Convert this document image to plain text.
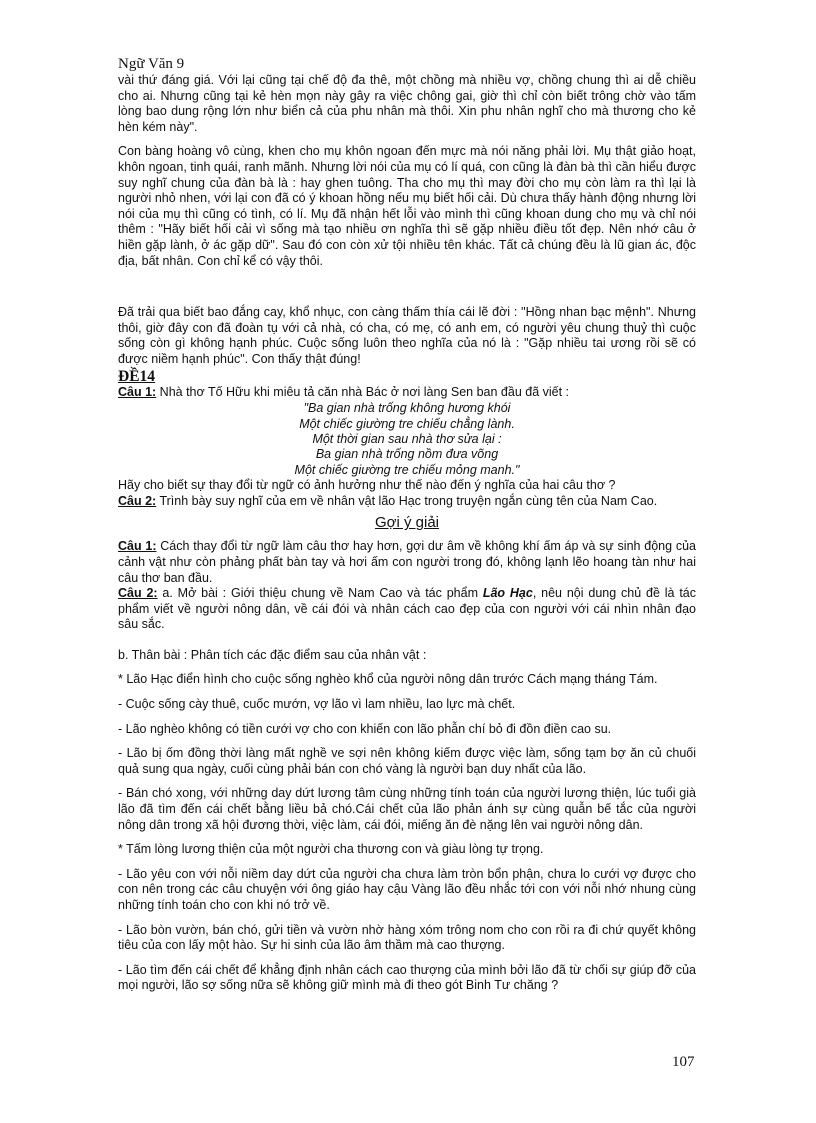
Ngữ Văn 9

vài thứ đáng giá. Với lại cũng tại chế độ đa thê, một chồng mà nhiều vợ, chồng chung thì ai dễ chiều cho ai. Nhưng cũng tại kẻ hèn mọn này gây ra việc chông gai, giờ thì chỉ còn biết trông chờ vào tấm lòng bao dung rộng lớn như biển cả của phu nhân mà thôi. Xin phu nhân nghĩ cho mà thương cho kẻ hèn kém này".

Con bàng hoàng vô cùng, khen cho mụ khôn ngoan đến mực mà nói năng phải lời. Mụ thật giảo hoạt, khôn ngoan, tinh quái, ranh mãnh. Nhưng lời nói của mụ có lí quá, con cũng là đàn bà thì cần hiểu được suy nghĩ chung của đàn bà là : hay ghen tuông. Tha cho mụ thì may đời cho mụ còn làm ra thì lại là người nhỏ nhen, với lại con đã có ý khoan hồng nếu mụ biết hối cải. Dù chưa thấy hành động nhưng lời nói của mụ thì cũng có tình, có lí. Mụ đã nhận hết lỗi vào mình thì cũng khoan dung cho mụ và chỉ nói thêm : "Hãy biết hối cải vì sống mà tạo nhiều ơn nghĩa thì sẽ gặp nhiều điều tốt đẹp. Nên nhớ câu ở hiền gặp lành, ở ác gặp dữ". Sau đó con còn xử tội nhiều tên khác. Tất cả chúng đều là lũ gian ác, độc địa, bất nhân. Con chỉ kể có vậy thôi.

Đã trải qua biết bao đắng cay, khổ nhục, con càng thấm thía cái lẽ đời : "Hồng nhan bạc mệnh". Nhưng thôi, giờ đây con đã đoàn tụ với cả nhà, có cha, có mẹ, có anh em, có người yêu chung thuỷ thì cuộc sống còn gì không hạnh phúc. Cuộc sống luôn theo nghĩa của nó là : "Gặp nhiều tai ương rồi sẽ có được niềm hạnh phúc". Con thấy thật đúng!

ĐỀ14

Câu 1: Nhà thơ Tố Hữu khi miêu tả căn nhà Bác ở nơi làng Sen ban đầu đã viết :

"Ba gian nhà trống không hương khói

Một chiếc giường tre chiếu chẳng lành.

Một thời gian sau nhà thơ sửa lại :

Ba gian nhà trống nồm đưa võng

Một chiếc giường tre chiếu mỏng manh."

Hãy cho biết sự thay đổi từ ngữ có ảnh hưởng như thế nào đến ý nghĩa của hai câu thơ ?

Câu 2: Trình bày suy nghĩ của em về nhân vật lão Hạc trong truyện ngắn cùng tên của Nam Cao.

Gợi ý giải

Câu 1: Cách thay đổi từ ngữ làm câu thơ hay hơn, gợi dư âm về không khí ấm áp và sự sinh động của cảnh vật như còn phảng phất bàn tay và hơi ấm con người trong đó, không lạnh lẽo hoang tàn như hai câu thơ ban đầu.

Câu 2: a. Mở bài : Giới thiệu chung về Nam Cao và tác phẩm Lão Hạc, nêu nội dung chủ đề là tác phẩm viết về người nông dân, về cái đói và nhân cách cao đẹp của con người với cái nhìn nhân đạo sâu sắc.

b. Thân bài : Phân tích các đặc điểm sau của nhân vật :

* Lão Hạc điển hình cho cuộc sống nghèo khổ của người nông dân trước Cách mạng tháng Tám.

- Cuộc sống cày thuê, cuốc mướn, vợ lão vì lam nhiều, lao lực mà chết.

- Lão nghèo không có tiền cưới vợ cho con khiến con lão phẫn chí bỏ đi đồn điền cao su.

- Lão bị ốm đồng thời làng mất nghề ve sợi nên không kiếm được việc làm, sống tạm bợ ăn củ chuối quả sung qua ngày, cuối cùng phải bán con chó vàng là người bạn duy nhất của lão.

- Bán chó xong, với những day dứt lương tâm cùng những tính toán của người lương thiện, lúc tuổi già lão đã tìm đến cái chết bằng liều bả chó.Cái chết của lão phản ánh sự cùng quẫn bế tắc của người nông dân trong xã hội đương thời, việc làm, cái đói, miếng ăn đè nặng lên vai người nông dân.

* Tấm lòng lương thiện của một người cha thương con và giàu lòng tự trọng.

- Lão yêu con với nỗi niềm day dứt của người cha chưa làm tròn bổn phận, chưa lo cưới vợ được cho con nên trong các câu chuyện với ông giáo hay cậu Vàng lão đều nhắc tới con với nỗi nhớ nhung cùng những tính toán cho con khi nó trở về.

- Lão bòn vườn, bán chó, gửi tiền và vườn nhờ hàng xóm trông nom cho con rồi ra đi chứ quyết không tiêu của con lấy một hào. Sự hi sinh của lão âm thầm mà cao thượng.

- Lão tìm đến cái chết để khẳng định nhân cách cao thượng của mình bởi lão đã từ chối sự giúp đỡ của mọi người, lão sợ sống nữa sẽ không giữ mình mà đi theo gót Binh Tư chăng ?

107
